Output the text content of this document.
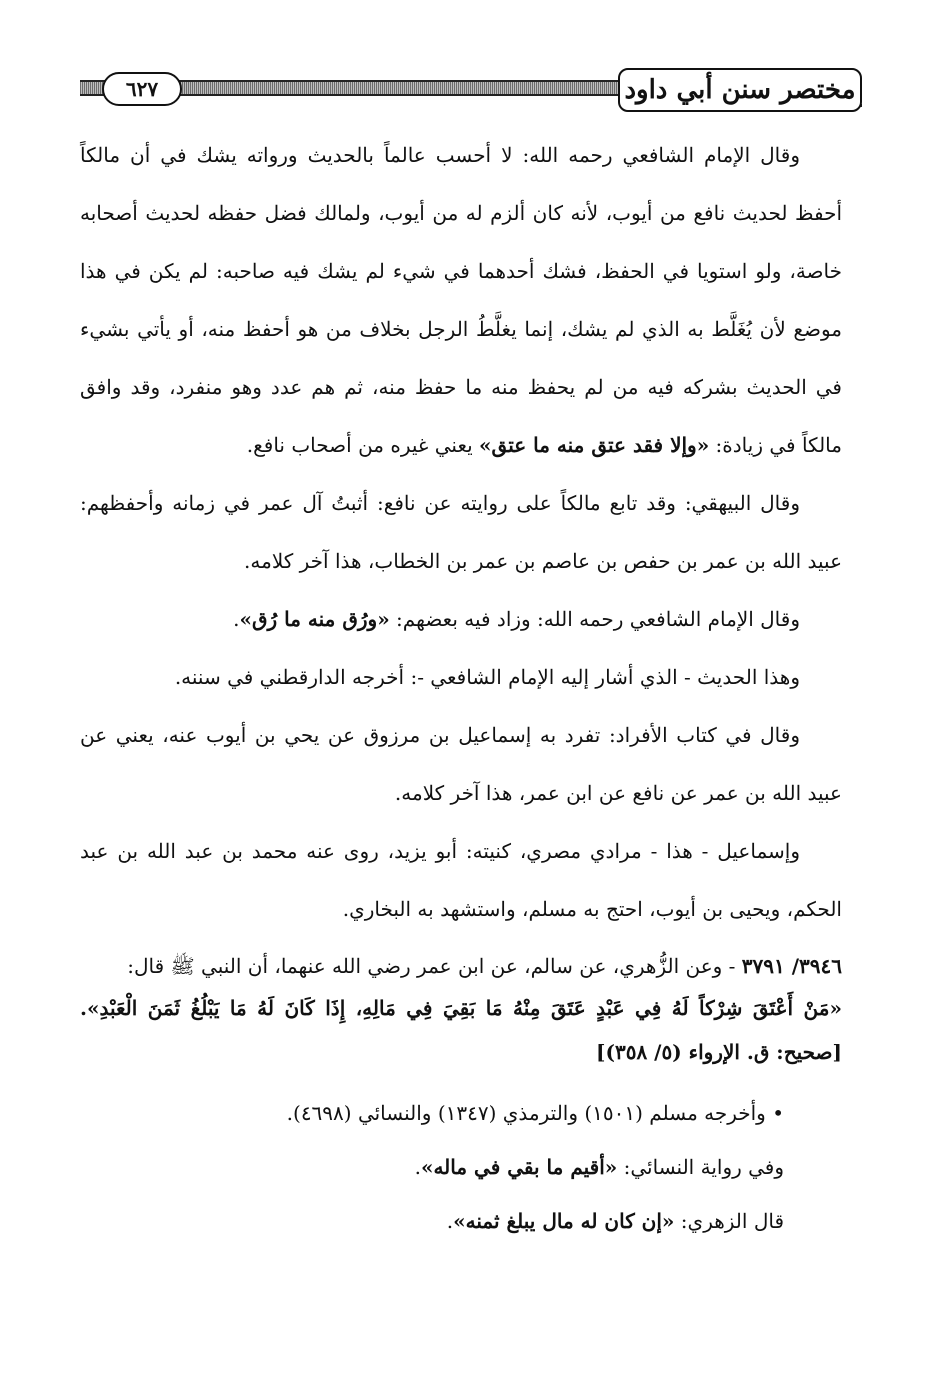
٦٢٧	مختصر سنن أبي داود

وقال الإمام الشافعي رحمه الله: لا أحسب عالماً بالحديث ورواته يشك في أن مالكاً أحفظ لحديث نافع من أيوب، لأنه كان ألزم له من أيوب، ولمالك فضل حفظه لحديث أصحابه خاصة، ولو استويا في الحفظ، فشك أحدهما في شيء لم يشك فيه صاحبه: لم يكن في هذا موضع لأن يُغَلَّط به الذي لم يشك، إنما يغلَّطُ الرجل بخلاف من هو أحفظ منه، أو يأتي بشيء في الحديث بشركه فيه من لم يحفظ منه ما حفظ منه، ثم هم عدد وهو منفرد، وقد وافق مالكاً في زيادة: «وإلا فقد عتق منه ما عتق» يعني غيره من أصحاب نافع.

وقال البيهقي: وقد تابع مالكاً على روايته عن نافع: أثبتُ آل عمر في زمانه وأحفظهم: عبيد الله بن عمر بن حفص بن عاصم بن عمر بن الخطاب، هذا آخر كلامه.

وقال الإمام الشافعي رحمه الله: وزاد فيه بعضهم: «ورُق منه ما رُق».

وهذا الحديث - الذي أشار إليه الإمام الشافعي -: أخرجه الدارقطني في سننه.

وقال في كتاب الأفراد: تفرد به إسماعيل بن مرزوق عن يحي بن أيوب عنه، يعني عن عبيد الله بن عمر عن نافع عن ابن عمر، هذا آخر كلامه.

وإسماعيل - هذا - مرادي مصري، كنيته: أبو يزيد، روى عنه محمد بن عبد الله بن عبد الحكم، ويحيى بن أيوب، احتج به مسلم، واستشهد به البخاري.

٣٩٤٦/ ٣٧٩١ - وعن الزُّهري، عن سالم، عن ابن عمر رضي الله عنهما، أن النبي ﷺ قال:

«مَنْ أَعْتَقَ شِرْكاً لَهُ فِي عَبْدٍ عَتَقَ مِنْهُ مَا بَقِيَ فِي مَالِهِ، إِذَا كَانَ لَهُ مَا يَبْلُغُ ثَمَنَ الْعَبْدِ». [صحيح: ق. الإرواء (٥/ ٣٥٨)]

• وأخرجه مسلم (١٥٠١) والترمذي (١٣٤٧) والنسائي (٤٦٩٨).

وفي رواية النسائي: «أقيم ما بقي في ماله».

قال الزهري: «إن كان له مال يبلغ ثمنه».
